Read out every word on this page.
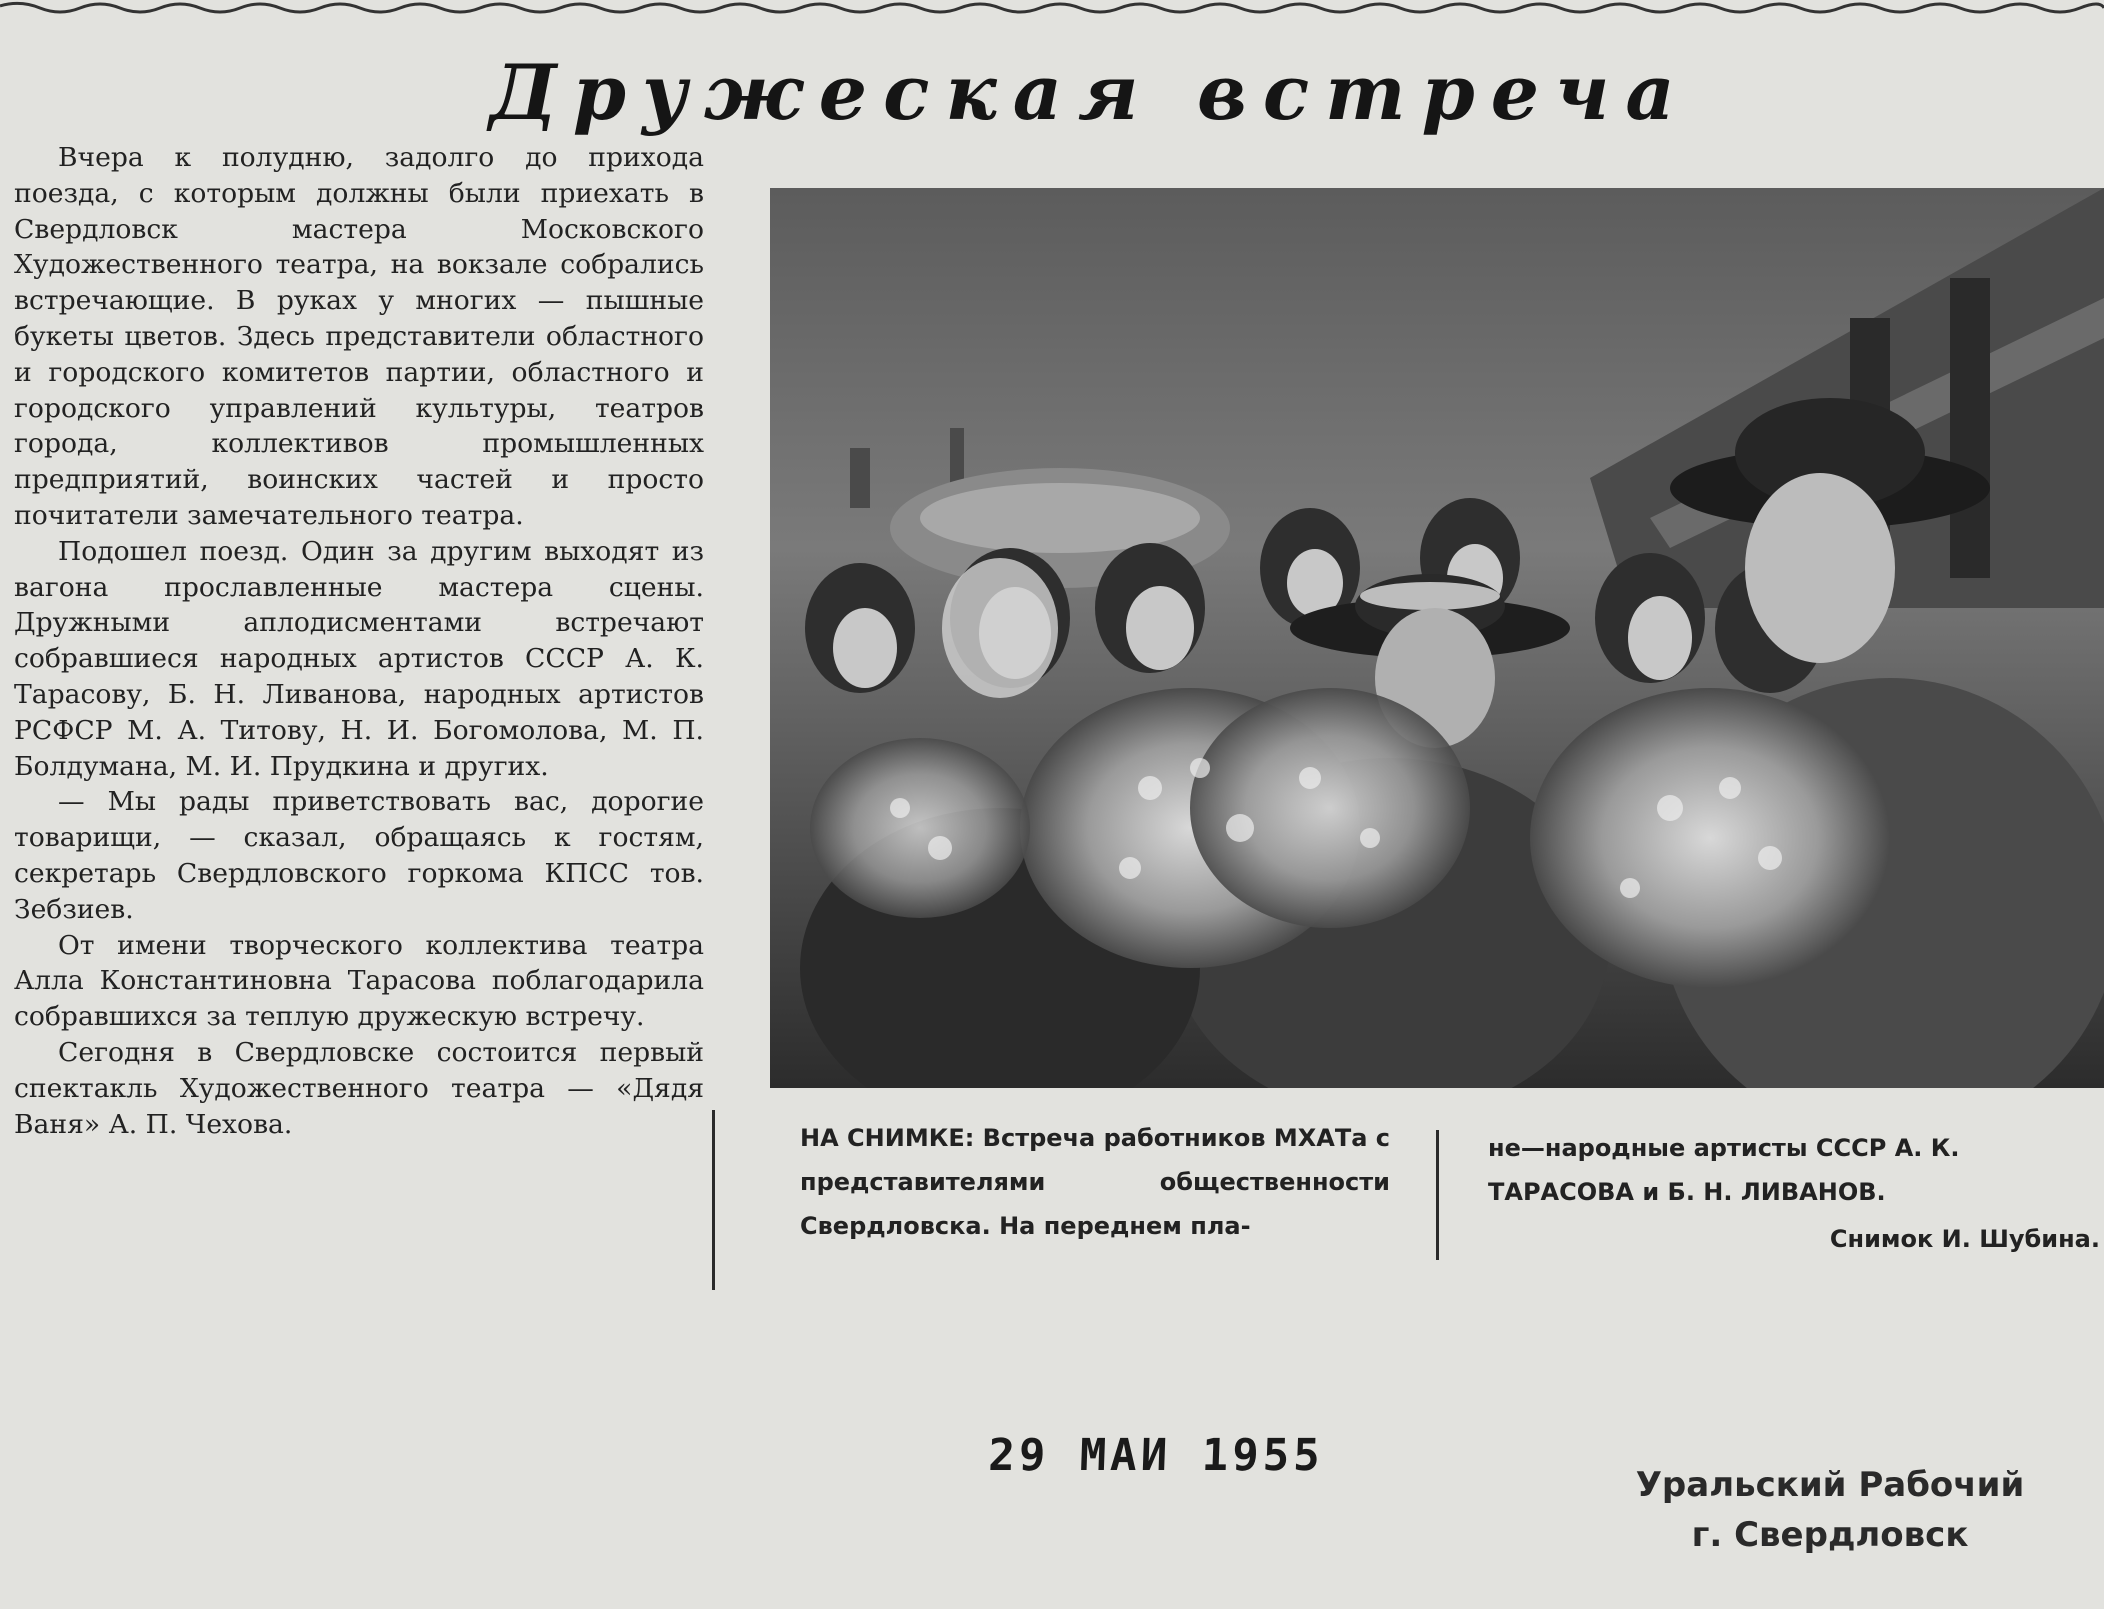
Дружеская встреча

Вчера к полудню, задолго до прихода поезда, с которым должны были приехать в Свердловск мастера Московского Художественного театра, на вокзале собрались встречающие. В руках у многих — пышные букеты цветов. Здесь представители областного и городского комитетов партии, областного и городского управлений культуры, театров города, коллективов промышленных предприятий, воинских частей и просто почитатели замечательного театра.

Подошел поезд. Один за другим выходят из вагона прославленные мастера сцены. Дружными аплодисментами встречают собравшиеся народных артистов СССР А. К. Тарасову, Б. Н. Ливанова, народных артистов РСФСР М. А. Титову, Н. И. Богомолова, М. П. Болдумана, М. И. Прудкина и других.

— Мы рады приветствовать вас, дорогие товарищи, — сказал, обращаясь к гостям, секретарь Свердловского горкома КПСС тов. Зебзиев.

От имени творческого коллектива театра Алла Константиновна Тарасова поблагодарила собравшихся за теплую дружескую встречу.

Сегодня в Свердловске состоится первый спектакль Художественного театра — «Дядя Ваня» А. П. Чехова.	НА СНИМКЕ: Встреча работников МХАТа с представителями общественности Свердловска. На переднем пла-
не—народные артисты СССР А. К. ТАРАСОВА и Б. Н. ЛИВАНОВ.
Снимок И. Шубина.
29 МАИ 1955
Уральский Рабочий
г. Свердловск
